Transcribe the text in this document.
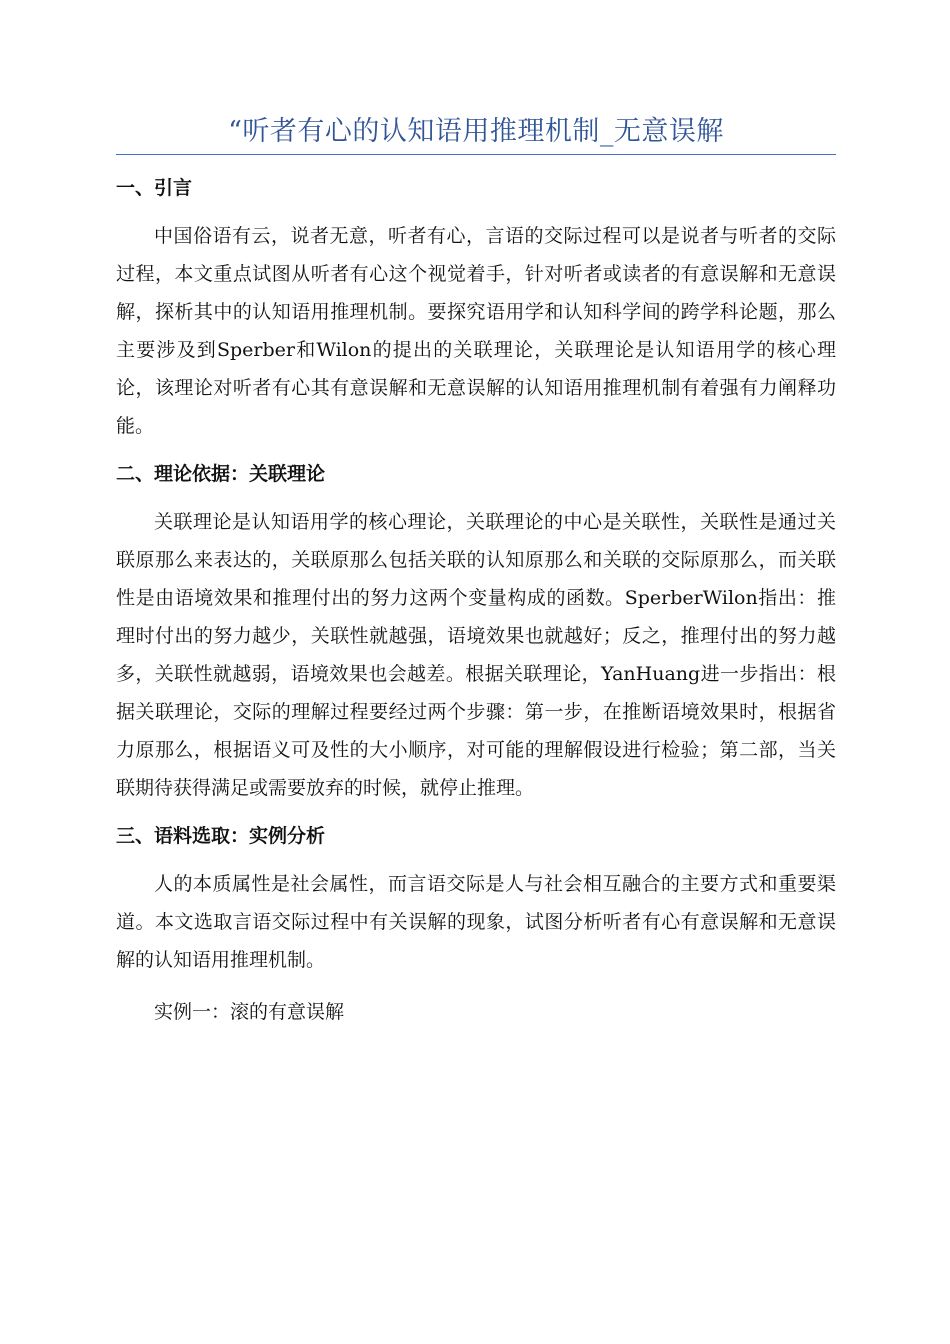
“听者有心的认知语用推理机制_无意误解
一、引言

中国俗语有云，说者无意，听者有心，言语的交际过程可以是说者与听者的交际过程，本文重点试图从听者有心这个视觉着手，针对听者或读者的有意误解和无意误解，探析其中的认知语用推理机制。要探究语用学和认知科学间的跨学科论题，那么主要涉及到Sperber和Wilon的提出的关联理论，关联理论是认知语用学的核心理论，该理论对听者有心其有意误解和无意误解的认知语用推理机制有着强有力阐释功能。

二、理论依据：关联理论

关联理论是认知语用学的核心理论，关联理论的中心是关联性，关联性是通过关联原那么来表达的，关联原那么包括关联的认知原那么和关联的交际原那么，而关联性是由语境效果和推理付出的努力这两个变量构成的函数。SperberWilon指出：推理时付出的努力越少，关联性就越强，语境效果也就越好；反之，推理付出的努力越多，关联性就越弱，语境效果也会越差。根据关联理论，YanHuang进一步指出：根据关联理论，交际的理解过程要经过两个步骤：第一步，在推断语境效果时，根据省力原那么，根据语义可及性的大小顺序，对可能的理解假设进行检验；第二部，当关联期待获得满足或需要放弃的时候，就停止推理。

三、语料选取：实例分析

人的本质属性是社会属性，而言语交际是人与社会相互融合的主要方式和重要渠道。本文选取言语交际过程中有关误解的现象，试图分析听者有心有意误解和无意误解的认知语用推理机制。

实例一：滚的有意误解
